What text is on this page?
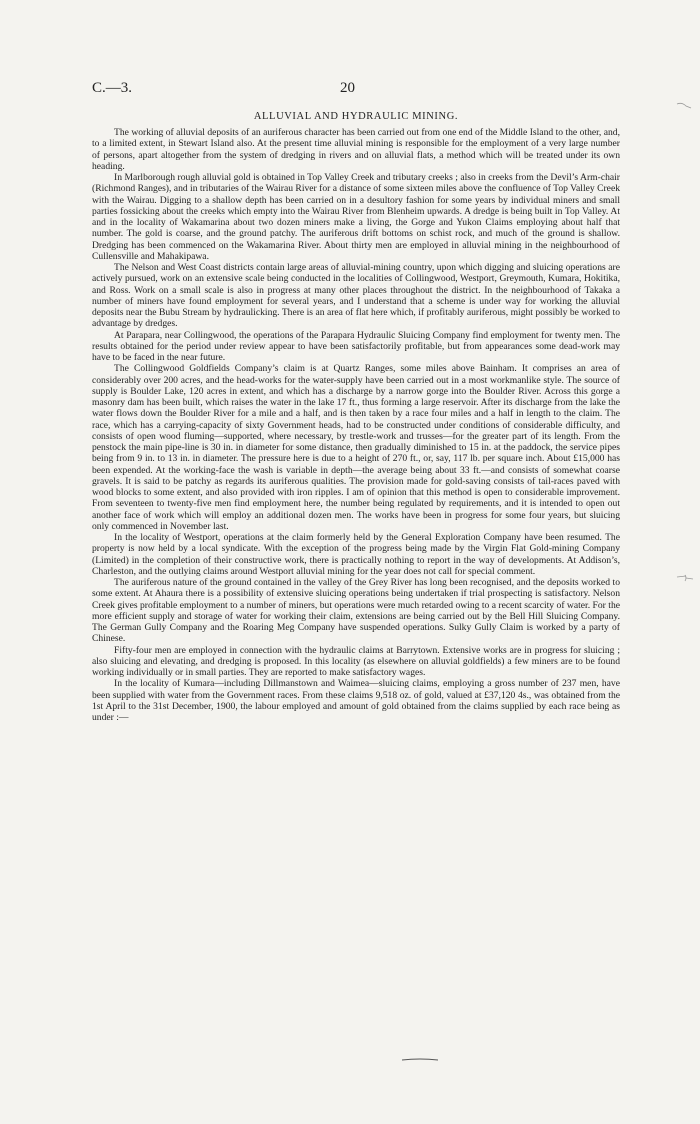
C.—3.	20
ALLUVIAL AND HYDRAULIC MINING.

The working of alluvial deposits of an auriferous character has been carried out from one end of the Middle Island to the other, and, to a limited extent, in Stewart Island also. At the present time alluvial mining is responsible for the employment of a very large number of persons, apart altogether from the system of dredging in rivers and on alluvial flats, a method which will be treated under its own heading.

In Marlborough rough alluvial gold is obtained in Top Valley Creek and tributary creeks ; also in creeks from the Devil’s Arm-chair (Richmond Ranges), and in tributaries of the Wairau River for a distance of some sixteen miles above the confluence of Top Valley Creek with the Wairau. Digging to a shallow depth has been carried on in a desultory fashion for some years by individual miners and small parties fossicking about the creeks which empty into the Wairau River from Blenheim upwards. A dredge is being built in Top Valley. At and in the locality of Wakamarina about two dozen miners make a living, the Gorge and Yukon Claims employing about half that number. The gold is coarse, and the ground patchy. The auriferous drift bottoms on schist rock, and much of the ground is shallow. Dredging has been commenced on the Wakamarina River. About thirty men are employed in alluvial mining in the neighbourhood of Cullensville and Mahakipawa.

The Nelson and West Coast districts contain large areas of alluvial-mining country, upon which digging and sluicing operations are actively pursued, work on an extensive scale being conducted in the localities of Collingwood, Westport, Greymouth, Kumara, Hokitika, and Ross. Work on a small scale is also in progress at many other places throughout the district. In the neighbourhood of Takaka a number of miners have found employment for several years, and I understand that a scheme is under way for working the alluvial deposits near the Bubu Stream by hydraulicking. There is an area of flat here which, if profitably auriferous, might possibly be worked to advantage by dredges.

At Parapara, near Collingwood, the operations of the Parapara Hydraulic Sluicing Company find employment for twenty men. The results obtained for the period under review appear to have been satisfactorily profitable, but from appearances some dead-work may have to be faced in the near future.

The Collingwood Goldfields Company’s claim is at Quartz Ranges, some miles above Bainham. It comprises an area of considerably over 200 acres, and the head-works for the water-supply have been carried out in a most workmanlike style. The source of supply is Boulder Lake, 120 acres in extent, and which has a discharge by a narrow gorge into the Boulder River. Across this gorge a masonry dam has been built, which raises the water in the lake 17 ft., thus forming a large reservoir. After its discharge from the lake the water flows down the Boulder River for a mile and a half, and is then taken by a race four miles and a half in length to the claim. The race, which has a carrying-capacity of sixty Government heads, had to be constructed under conditions of considerable difficulty, and consists of open wood fluming—supported, where necessary, by trestle-work and trusses—for the greater part of its length. From the penstock the main pipe-line is 30 in. in diameter for some distance, then gradually diminished to 15 in. at the paddock, the service pipes being from 9 in. to 13 in. in diameter. The pressure here is due to a height of 270 ft., or, say, 117 lb. per square inch. About £15,000 has been expended. At the working-face the wash is variable in depth—the average being about 33 ft.—and consists of somewhat coarse gravels. It is said to be patchy as regards its auriferous qualities. The provision made for gold-saving consists of tail-races paved with wood blocks to some extent, and also provided with iron ripples. I am of opinion that this method is open to considerable improvement. From seventeen to twenty-five men find employment here, the number being regulated by requirements, and it is intended to open out another face of work which will employ an additional dozen men. The works have been in progress for some four years, but sluicing only commenced in November last.

In the locality of Westport, operations at the claim formerly held by the General Exploration Company have been resumed. The property is now held by a local syndicate. With the exception of the progress being made by the Virgin Flat Gold-mining Company (Limited) in the completion of their constructive work, there is practically nothing to report in the way of developments. At Addison’s, Charleston, and the outlying claims around Westport alluvial mining for the year does not call for special comment.

The auriferous nature of the ground contained in the valley of the Grey River has long been recognised, and the deposits worked to some extent. At Ahaura there is a possibility of extensive sluicing operations being undertaken if trial prospecting is satisfactory. Nelson Creek gives profitable employment to a number of miners, but operations were much retarded owing to a recent scarcity of water. For the more efficient supply and storage of water for working their claim, extensions are being carried out by the Bell Hill Sluicing Company. The German Gully Company and the Roaring Meg Company have suspended operations. Sulky Gully Claim is worked by a party of Chinese.

Fifty-four men are employed in connection with the hydraulic claims at Barrytown. Extensive works are in progress for sluicing ; also sluicing and elevating, and dredging is proposed. In this locality (as elsewhere on alluvial goldfields) a few miners are to be found working individually or in small parties. They are reported to make satisfactory wages.

In the locality of Kumara—including Dillmanstown and Waimea—sluicing claims, employing a gross number of 237 men, have been supplied with water from the Government races. From these claims 9,518 oz. of gold, valued at £37,120 4s., was obtained from the 1st April to the 31st December, 1900, the labour employed and amount of gold obtained from the claims supplied by each race being as under :—
